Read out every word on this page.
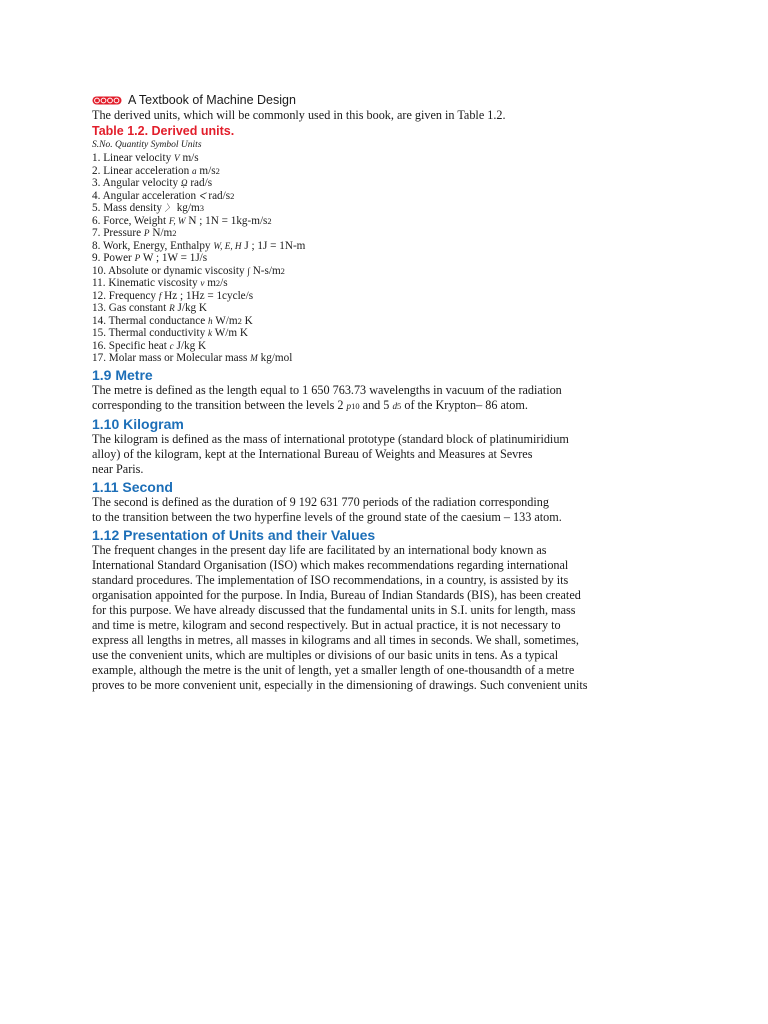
A Textbook of Machine Design
The derived units, which will be commonly used in this book, are given in Table 1.2.
Table 1.2. Derived units.
S.No. Quantity Symbol Units
1. Linear velocity V m/s
2. Linear acceleration a m/s2
3. Angular velocity ῼ rad/s
4. Angular acceleration ᐸ rad/s2
5. Mass density 〉 kg/m3
6. Force, Weight F, W N ; 1N = 1kg-m/s2
7. Pressure P N/m2
8. Work, Energy, Enthalpy W, E, H J ; 1J = 1N-m
9. Power P W ; 1W = 1J/s
10. Absolute or dynamic viscosity ∫ N-s/m2
11. Kinematic viscosity v m2/s
12. Frequency f Hz ; 1Hz = 1cycle/s
13. Gas constant R J/kg K
14. Thermal conductance h W/m2 K
15. Thermal conductivity k W/m K
16. Specific heat c J/kg K
17. Molar mass or Molecular mass M kg/mol
1.9 Metre
The metre is defined as the length equal to 1 650 763.73 wavelengths in vacuum of the radiation
corresponding to the transition between the levels 2 p10 and 5 d5 of the Krypton– 86 atom.
1.10 Kilogram
The kilogram is defined as the mass of international prototype (standard block of platinumiridium
alloy) of the kilogram, kept at the International Bureau of Weights and Measures at Sevres
near Paris.
1.11 Second
The second is defined as the duration of 9 192 631 770 periods of the radiation corresponding
to the transition between the two hyperfine levels of the ground state of the caesium – 133 atom.
1.12 Presentation of Units and their Values
The frequent changes in the present day life are facilitated by an international body known as
International Standard Organisation (ISO) which makes recommendations regarding international
standard procedures. The implementation of ISO recommendations, in a country, is assisted by its
organisation appointed for the purpose. In India, Bureau of Indian Standards (BIS), has been created
for this purpose. We have already discussed that the fundamental units in S.I. units for length, mass
and time is metre, kilogram and second respectively. But in actual practice, it is not necessary to
express all lengths in metres, all masses in kilograms and all times in seconds. We shall, sometimes,
use the convenient units, which are multiples or divisions of our basic units in tens. As a typical
example, although the metre is the unit of length, yet a smaller length of one-thousandth of a metre
proves to be more convenient unit, especially in the dimensioning of drawings. Such convenient units
